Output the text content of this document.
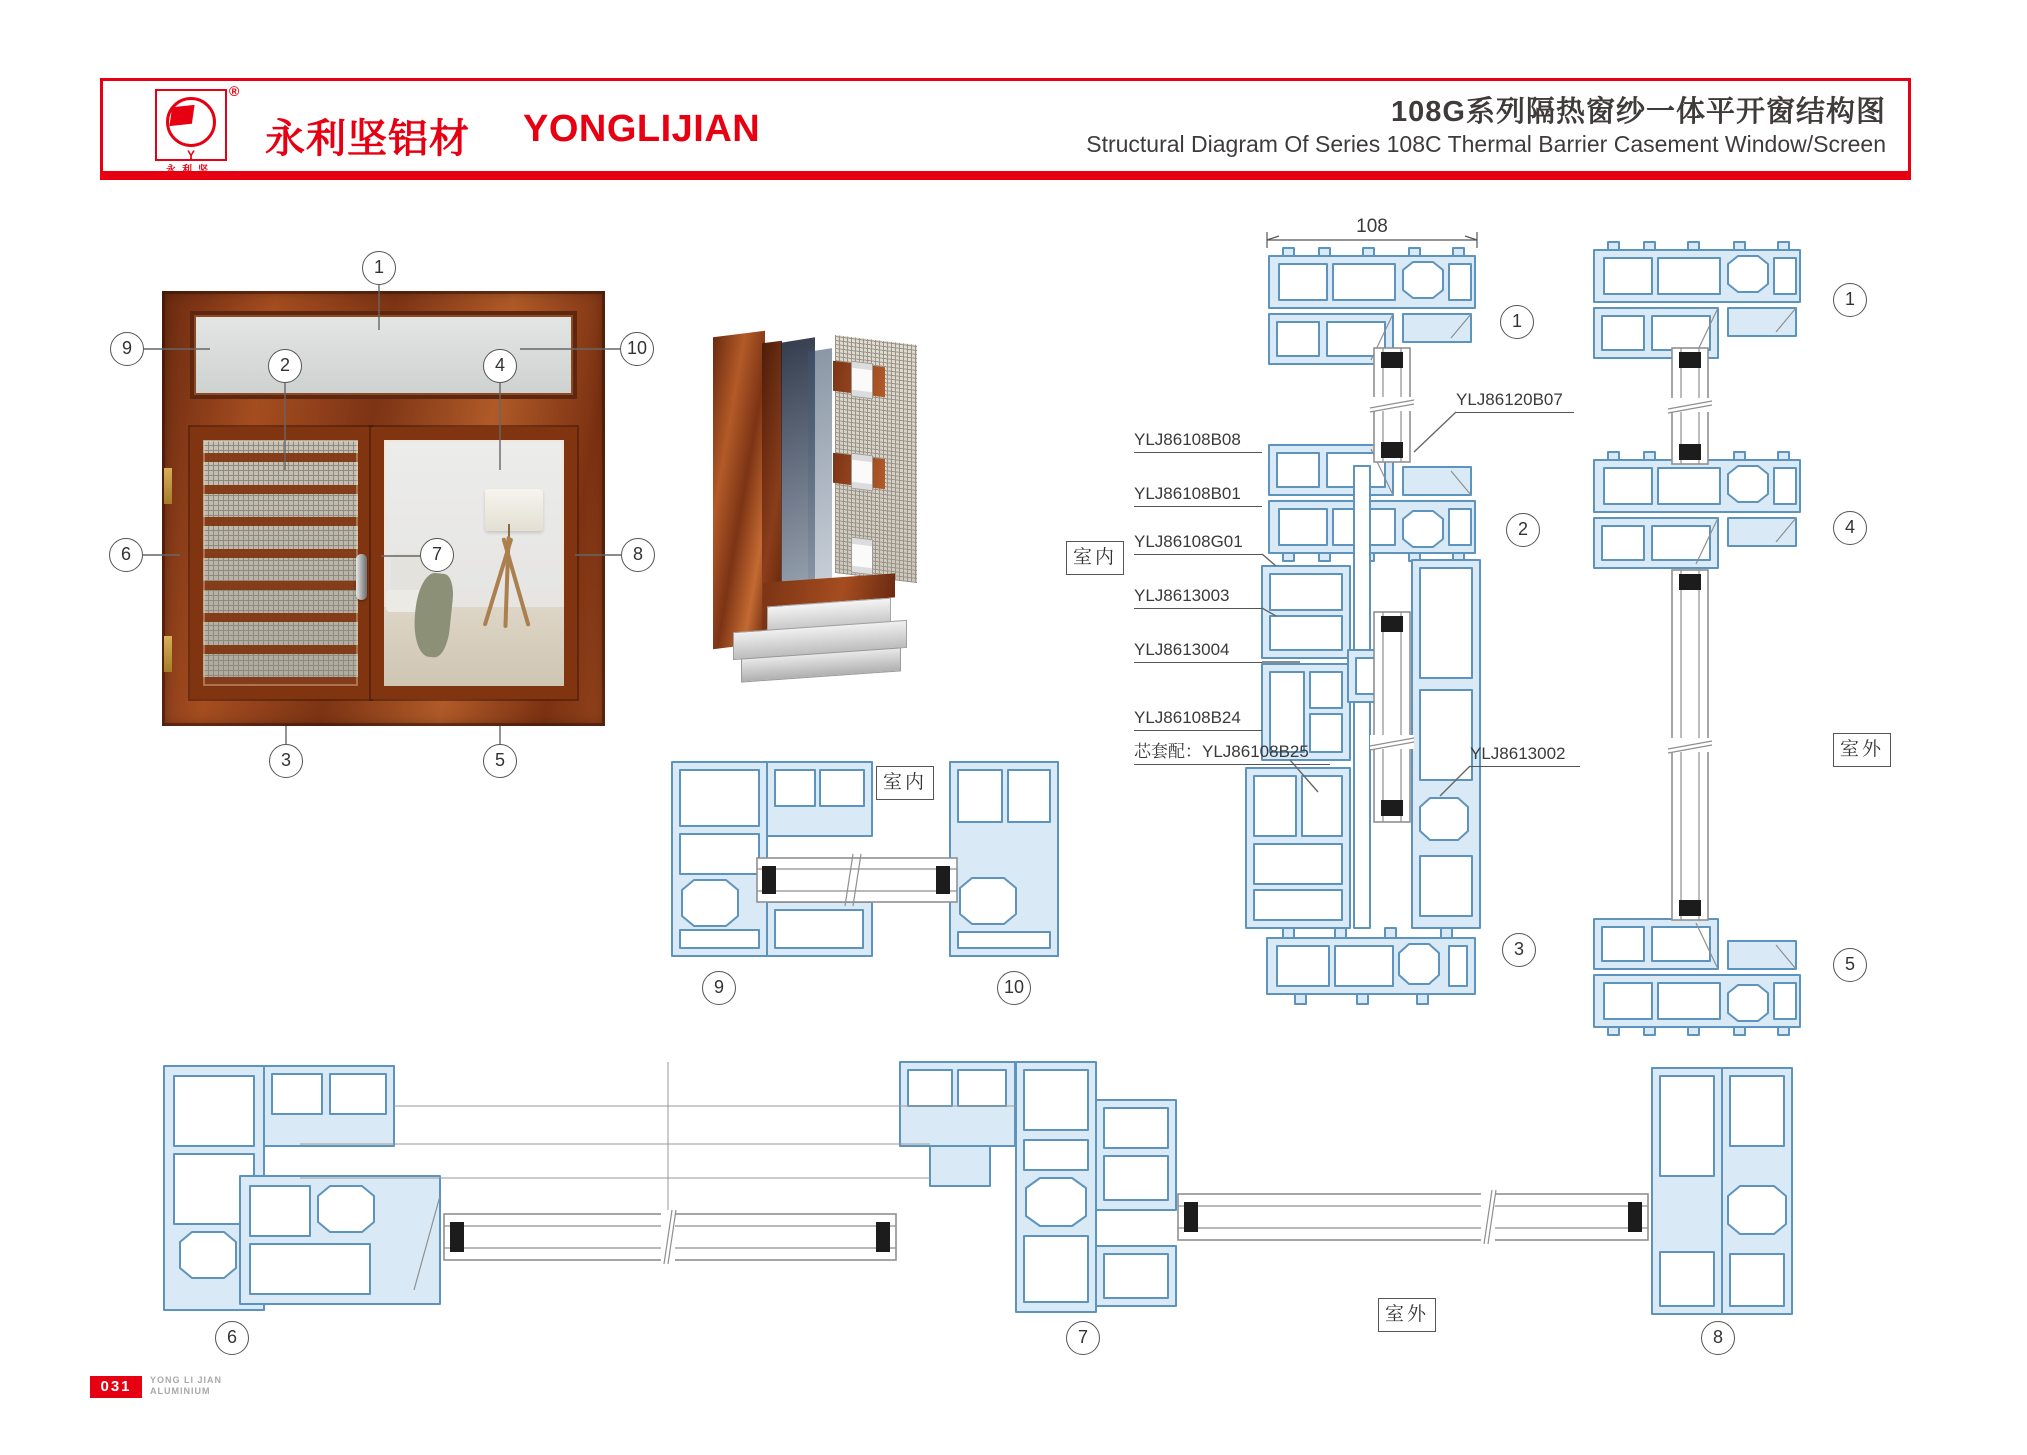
Y
®
永利坚
永利坚铝材 YONGLIJIAN	108G系列隔热窗纱一体平开窗结构图
Structural Diagram Of Series 108C Thermal Barrier Casement Window/Screen
108
YLJ86108B08
YLJ86108B01
YLJ86108G01
YLJ8613003
YLJ8613004
YLJ86108B24
芯套配：YLJ86108B25
YLJ86120B07
YLJ8613002
室内
室内
室外
室外
1
2	4
9	10
6	7	8
3	5
9	10
1
2
3
1
4
5
6	7	8
031	YONG LI JIAN
ALUMINIUM
